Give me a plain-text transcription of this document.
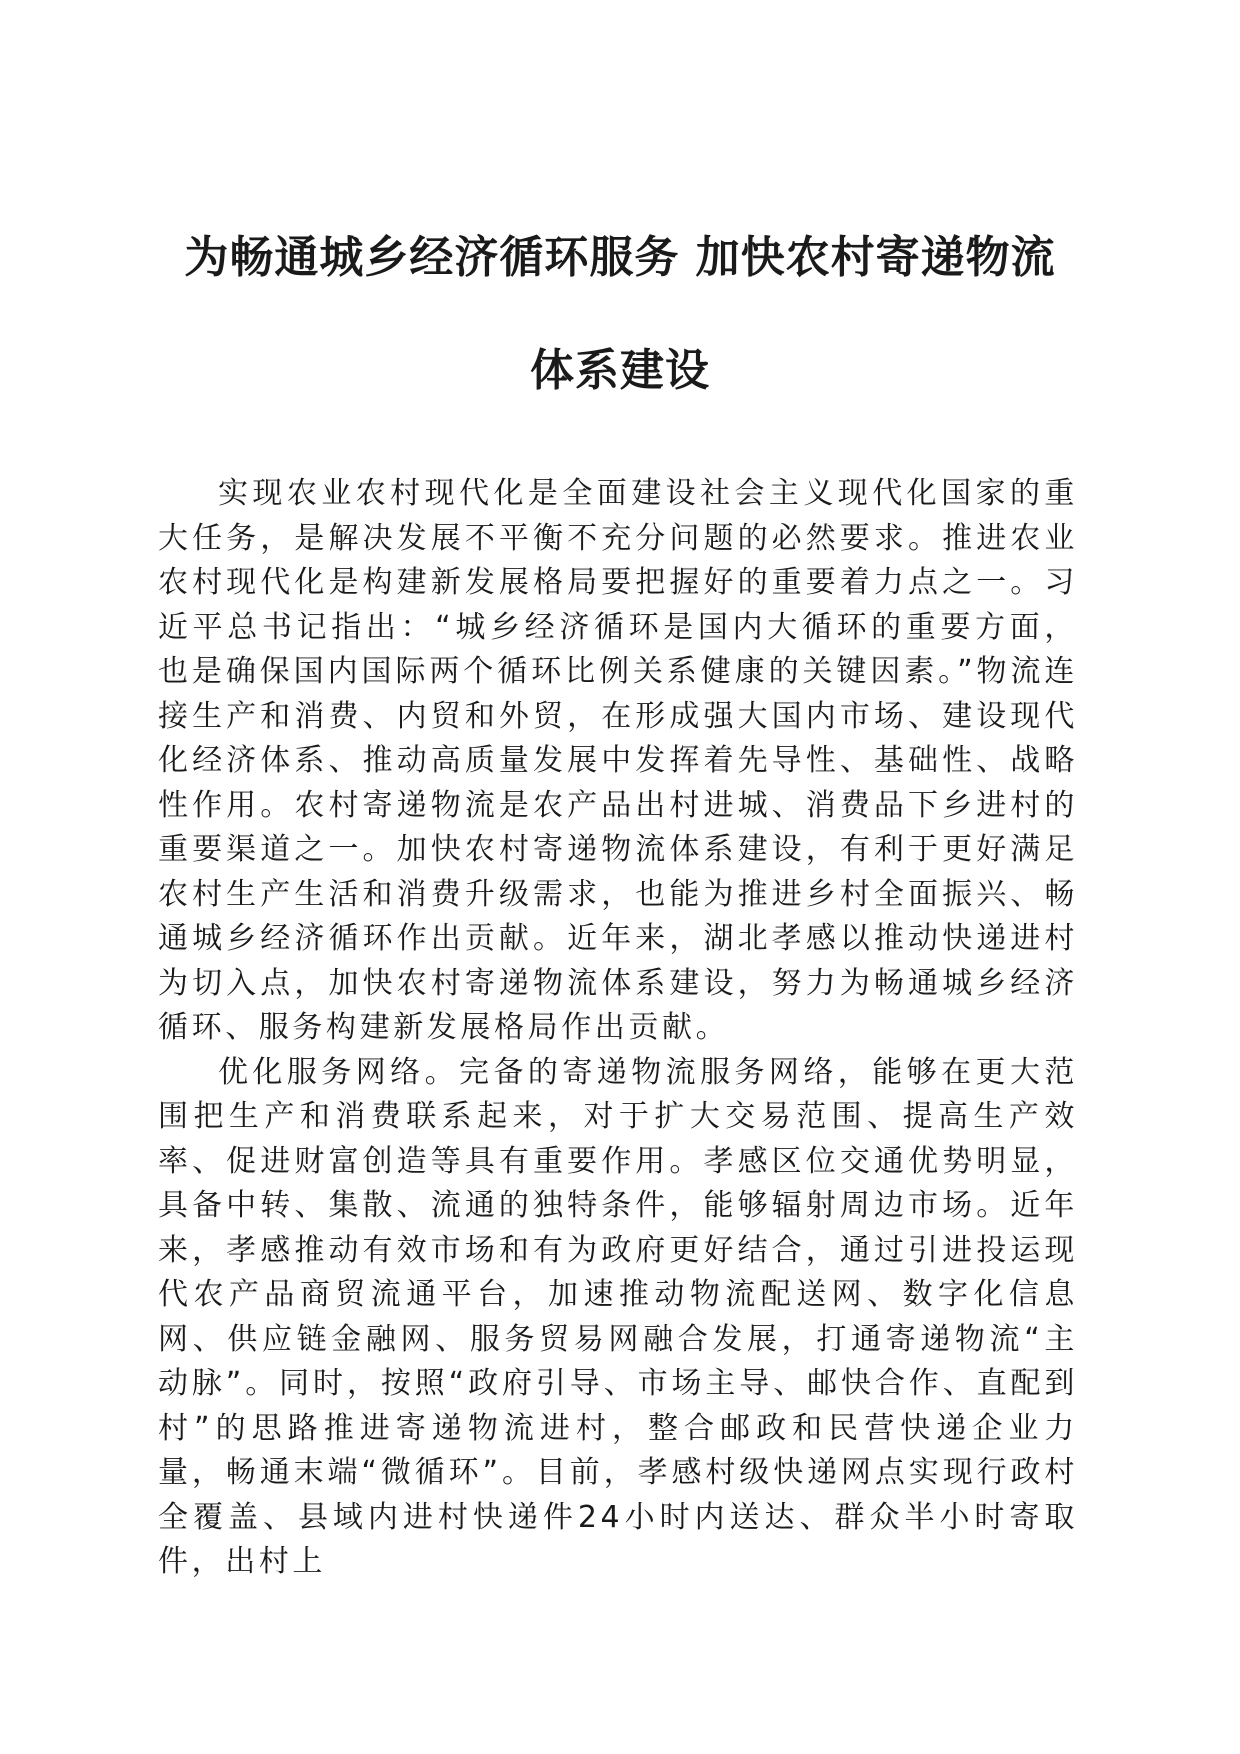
为畅通城乡经济循环服务 加快农村寄递物流
体系建设

实现农业农村现代化是全面建设社会主义现代化国家的重大任务，是解决发展不平衡不充分问题的必然要求。推进农业农村现代化是构建新发展格局要把握好的重要着力点之一。习近平总书记指出：“城乡经济循环是国内大循环的重要方面，也是确保国内国际两个循环比例关系健康的关键因素。”物流连接生产和消费、内贸和外贸，在形成强大国内市场、建设现代化经济体系、推动高质量发展中发挥着先导性、基础性、战略性作用。农村寄递物流是农产品出村进城、消费品下乡进村的重要渠道之一。加快农村寄递物流体系建设，有利于更好满足农村生产生活和消费升级需求，也能为推进乡村全面振兴、畅通城乡经济循环作出贡献。近年来，湖北孝感以推动快递进村为切入点，加快农村寄递物流体系建设，努力为畅通城乡经济循环、服务构建新发展格局作出贡献。

优化服务网络。完备的寄递物流服务网络，能够在更大范围把生产和消费联系起来，对于扩大交易范围、提高生产效率、促进财富创造等具有重要作用。孝感区位交通优势明显，具备中转、集散、流通的独特条件，能够辐射周边市场。近年来，孝感推动有效市场和有为政府更好结合，通过引进投运现代农产品商贸流通平台，加速推动物流配送网、数字化信息网、供应链金融网、服务贸易网融合发展，打通寄递物流“主动脉”。同时，按照“政府引导、市场主导、邮快合作、直配到村”的思路推进寄递物流进村，整合邮政和民营快递企业力量，畅通末端“微循环”。目前，孝感村级快递网点实现行政村全覆盖、县域内进村快递件24小时内送达、群众半小时寄取件，出村上
